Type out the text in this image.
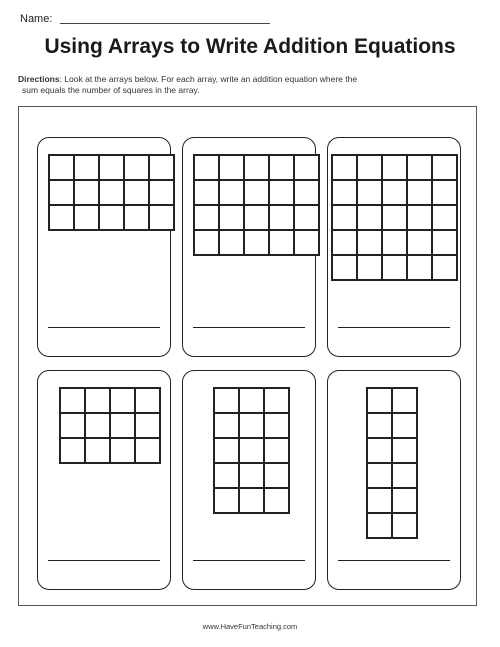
Name:
Using Arrays to Write Addition Equations
Directions: Look at the arrays below. For each array, write an addition equation where the
sum equals the number of squares in the array.
www.HaveFunTeaching.com
